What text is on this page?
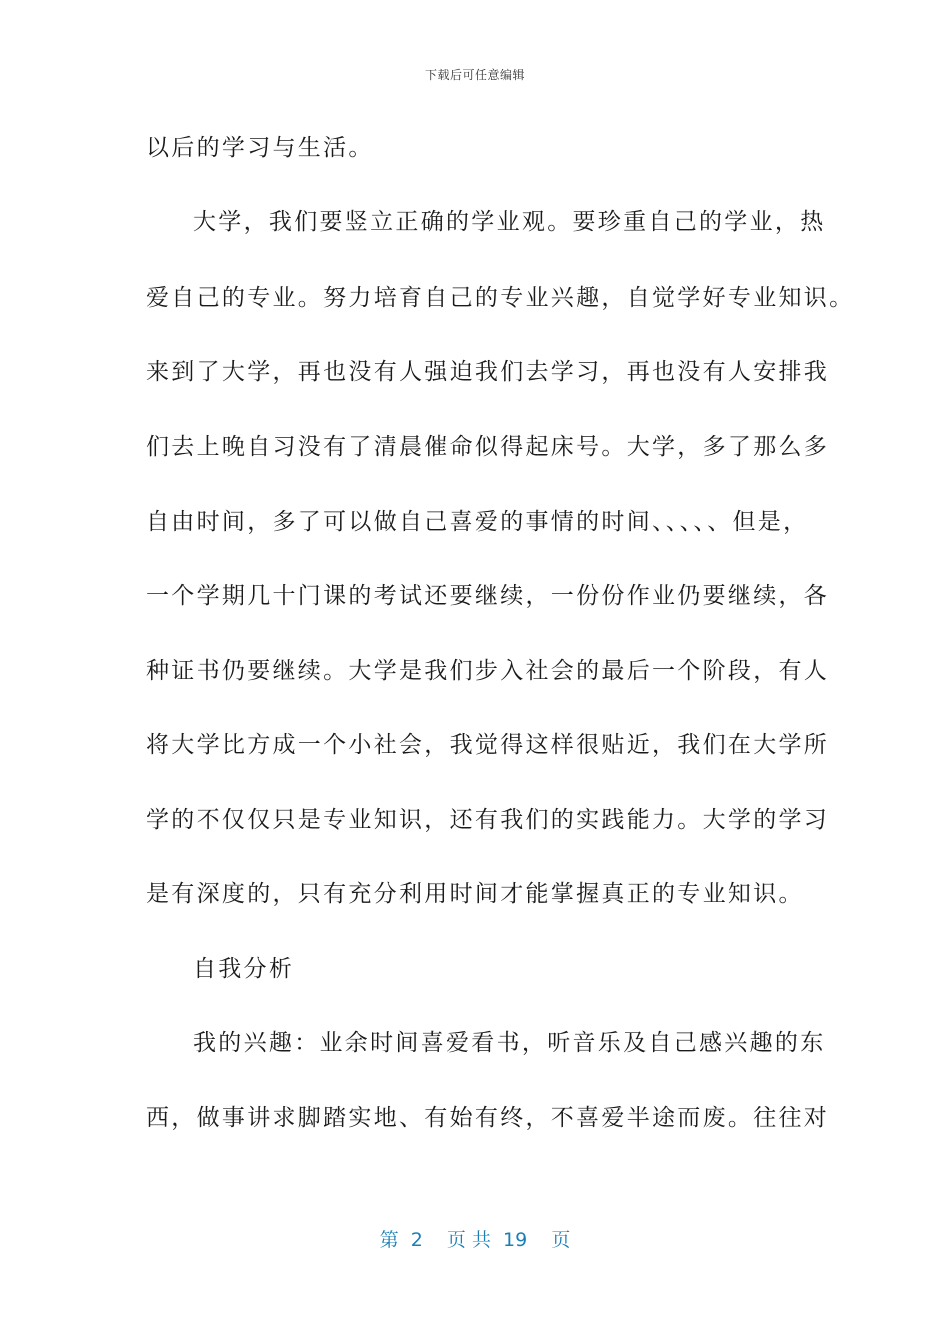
下载后可任意编辑
以后的学习与生活。
大学，我们要竖立正确的学业观。要珍重自己的学业，热
爱自己的专业。努力培育自己的专业兴趣，自觉学好专业知识。
来到了大学，再也没有人强迫我们去学习，再也没有人安排我
们去上晚自习没有了清晨催命似得起床号。大学，多了那么多
自由时间，多了可以做自己喜爱的事情的时间、、、、、但是，
一个学期几十门课的考试还要继续，一份份作业仍要继续，各
种证书仍要继续。大学是我们步入社会的最后一个阶段，有人
将大学比方成一个小社会，我觉得这样很贴近，我们在大学所
学的不仅仅只是专业知识，还有我们的实践能力。大学的学习
是有深度的，只有充分利用时间才能掌握真正的专业知识。
自我分析
我的兴趣：业余时间喜爱看书，听音乐及自己感兴趣的东
西，做事讲求脚踏实地、有始有终，不喜爱半途而废。往往对
第  2    页 共  19    页
